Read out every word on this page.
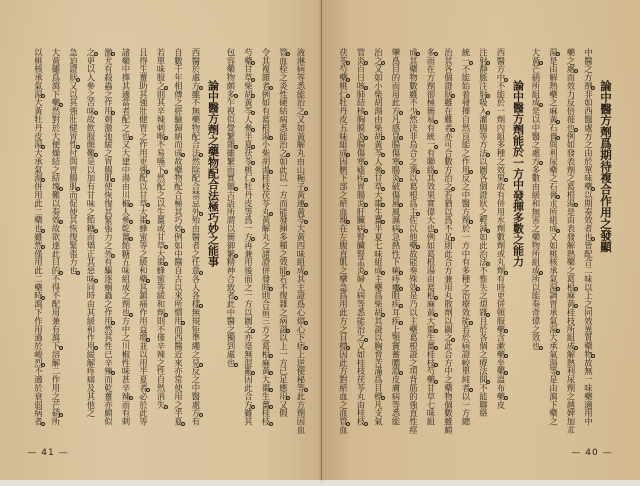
液淋病等悉能治之又如黃解丸由山梔子黃連黃芩大黃四味組成其主證爲心煩心下痞上逆便秘等此方劑因血
管血栓之炎性硬結病悉能治之如此以一方而能發揮多種之效能若不復雜之病證以上一方已足應用又假
令其複雜者例如有葛根湯小柴胡湯桂枝茯苓丸黃解丸之諸證併發時則合前三方之葛根麻黃大棗生薑桂枝
芍藥甘草柴胡黃芩人參半夏茯苓桃仁牡丹皮等爲一方再兼用後面之一方以圖之亦毫無混亂因此合方雖其
包容藥物頗多乍視似覺繁雜雖繁而實簡古語所謂以簡御繁精神合致者此中醫之獨到處也
論中醫方劑之藥物配合法極巧妙之能事
西醫於處方雖不無藥物配合法然除配合禁忌外殆由醫者之任意各人各樣無規矩準繩之見反之中醫處方有
自數千年相傳之經驗歸納而成故藥物配合極其巧妙例如中醫自古以來所慣用而西醫近來亦常使用之半夏
若單味服之則其辛辣刺喉不易嚥下然配之以生薑或甘草大棗蜂蜜等緩和劑則不僅辛辣之性自然消失
且得生薑助其強壯健胃之作用更強配以甘草大棗蜂蜜等之緩和藥其鎮痛作用益增並以用半夏者必於此等
諸藥中擇其適當者配之也又大建中湯由川椒人參乾薑飴糖五味組成之劑也方中之川椒性味甚辛辣而有刺
激尤有殺蟲之作用刺激弛緩之胃腸肌使恢復其緊張力之外有驅逐蛔蟲之作用然其性已辛辣而乾薑亦頗似
之更以人參之苦味故飲服頗難是以加有甘味之飴糖而矯正其惡味同時由其緩和作用緩解疼痛及其他之
急迫證狀又以其強壯健胃性付與胃腸肌而促使其恢復緊張力也
大黃雖爲瀉下藥然對於大便燥結之結塊難以奏效故欲達此目的不得不配用兼有瀉下溶解二作用之芒硝所
以桃核承氣湯大黃牡丹皮湯大承氣湯併用此二藥也雖然僅用此二藥時瀉下作用過於峻烈不適於衰弱病者
— 41 —
論中醫方劑爲期待複合作用之發顯
中醫之方劑非如西醫處方之由於單味藥以期奏效者也皆配合二味以上之同效異質藥物故無一味藥適用中
藥之處而效力反倍蓰也例如發表劑之葛根湯是由表發解熱藥之葛根麻黃桂枝所組成解熱利尿劑之越婢加朮
湯是由解熱藥之麻黃石膏與利尿藥之石膏朮所組成又如桃核承氣湯調胃承氣湯大承氣湯等是由瀉下藥之
大黃芒硝所組成是以中醫之處方多數由緩和無害之藥物所組成所以能奏奇偉之效也
論中醫方劑能於一方中發揮多數之能力
西醫方中不能於一劑內組多種之效果故有併用水劑數劑或丸劑有時更併頓服藥含漱藥坐藥溫布藥皮
注射靜脈注射吸入灌腸等方法以圖各個證狀之輕減如此治法不惟失之煩雜且於各個之療法間不能聯絡
統一不能始着發揮自然良能之作用反之中醫方劑於一方中有多種之治療效能若於病證較單純者以一方總
治其各個證狀雖在難者亦可合數方治之若猶以爲不足則此合方兼用丸散劑以圖之此合方中之藥物個數雖頗
多而在方劑卻極簡易有統一有聯絡其效果實偉大也例如葛根湯由葛根麻黃大棗生薑桂枝芍藥甘草七味組
成其藥物數雖不少然決非烏合之衆以葛根爲主佐以他藥故能奏殊效是乃以主藥葛根證之項背筋的強直性痙
攣爲目的而用此方凡感冒腸傷寒腸炎破傷風風濕病急熱性下痢痔瘻眼疾耳疾上顎竇蓄膿證皮膚病等悉能
治之又如小柴胡湯由柴胡黃芩人參甘草大棗生薑半夏七味組成主藥爲柴胡其證以胸脅苦滿爲目標凡支氣
管炎百日咳肺結核胸膜炎腸傷寒瘧疾胃腸炎肝臟病腎臟腎盂炎婦人病等悉能治之又如桂枝茯苓丸由桂枝
茯苓芍藥桃仁牡丹皮五味組成因臍下部之瘀血塊在左腹直肌之攣急爲用此方之目標因此方對瘀血之血管血
— 40 —
